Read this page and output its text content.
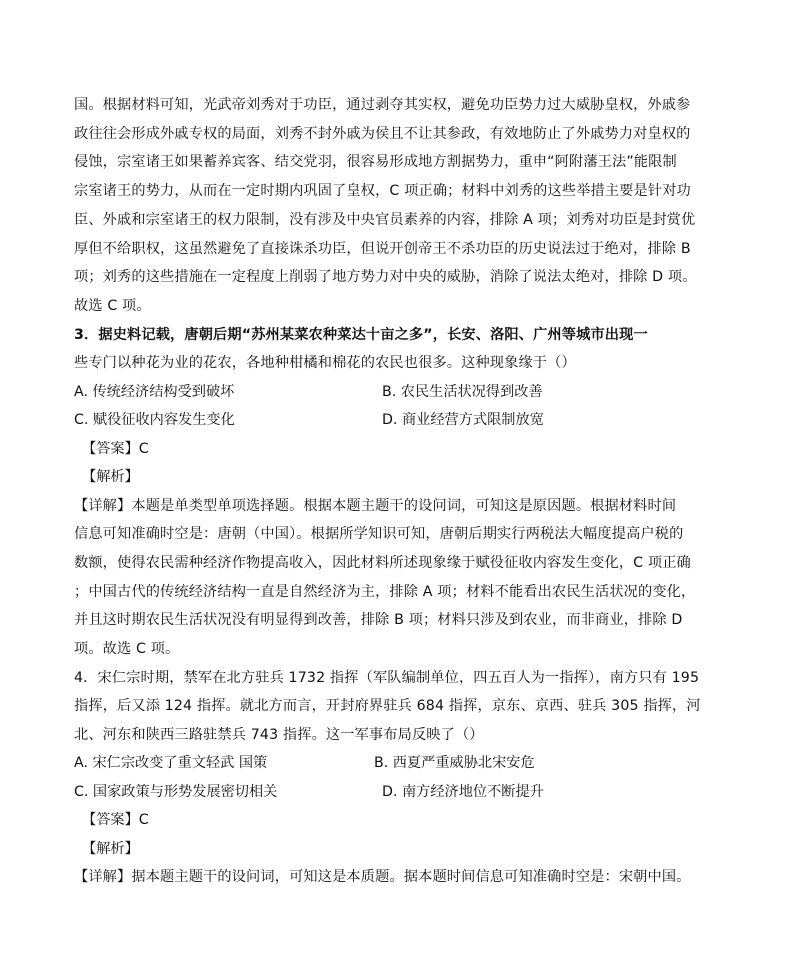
国。根据材料可知，光武帝刘秀对于功臣，通过剥夺其实权，避免功臣势力过大威胁皇权，外戚参
政往往会形成外戚专权的局面，刘秀不封外戚为侯且不让其参政，有效地防止了外戚势力对皇权的
侵蚀，宗室诸王如果蓄养宾客、结交党羽，很容易形成地方割据势力，重申“阿附藩王法”能限制
宗室诸王的势力，从而在一定时期内巩固了皇权，C 项正确；材料中刘秀的这些举措主要是针对功
臣、外戚和宗室诸王的权力限制，没有涉及中央官员素养的内容，排除 A 项；刘秀对功臣是封赏优
厚但不给职权，这虽然避免了直接诛杀功臣，但说开创帝王不杀功臣的历史说法过于绝对，排除 B
项；刘秀的这些措施在一定程度上削弱了地方势力对中央的威胁，消除了说法太绝对，排除 D 项。
故选 C 项。
3．据史料记载，唐朝后期“苏州某菜农种菜达十亩之多”，长安、洛阳、广州等城市出现一
些专门以种花为业的花农，各地种柑橘和棉花的农民也很多。这种现象缘于（）
A. 传统经济结构受到破坏	B. 农民生活状况得到改善
C. 赋役征收内容发生变化	D. 商业经营方式限制放宽
【答案】C
【解析】
【详解】本题是单类型单项选择题。根据本题主题干的设问词，可知这是原因题。根据材料时间
信息可知准确时空是：唐朝（中国）。根据所学知识可知，唐朝后期实行两税法大幅度提高户税的
数额，使得农民需种经济作物提高收入，因此材料所述现象缘于赋役征收内容发生变化，C 项正确
；中国古代的传统经济结构一直是自然经济为主，排除 A 项；材料不能看出农民生活状况的变化，
并且这时期农民生活状况没有明显得到改善，排除 B 项；材料只涉及到农业，而非商业，排除 D
项。故选 C 项。
4．宋仁宗时期，禁军在北方驻兵 1732 指挥（军队编制单位，四五百人为一指挥），南方只有 195
指挥，后又添 124 指挥。就北方而言，开封府界驻兵 684 指挥，京东、京西、驻兵 305 指挥，河
北、河东和陕西三路驻禁兵 743 指挥。这一军事布局反映了（）
A. 宋仁宗改变了重文轻武 国策	B. 西夏严重威胁北宋安危
C. 国家政策与形势发展密切相关	D. 南方经济地位不断提升
【答案】C
【解析】
【详解】据本题主题干的设问词，可知这是本质题。据本题时间信息可知准确时空是：宋朝中国。
